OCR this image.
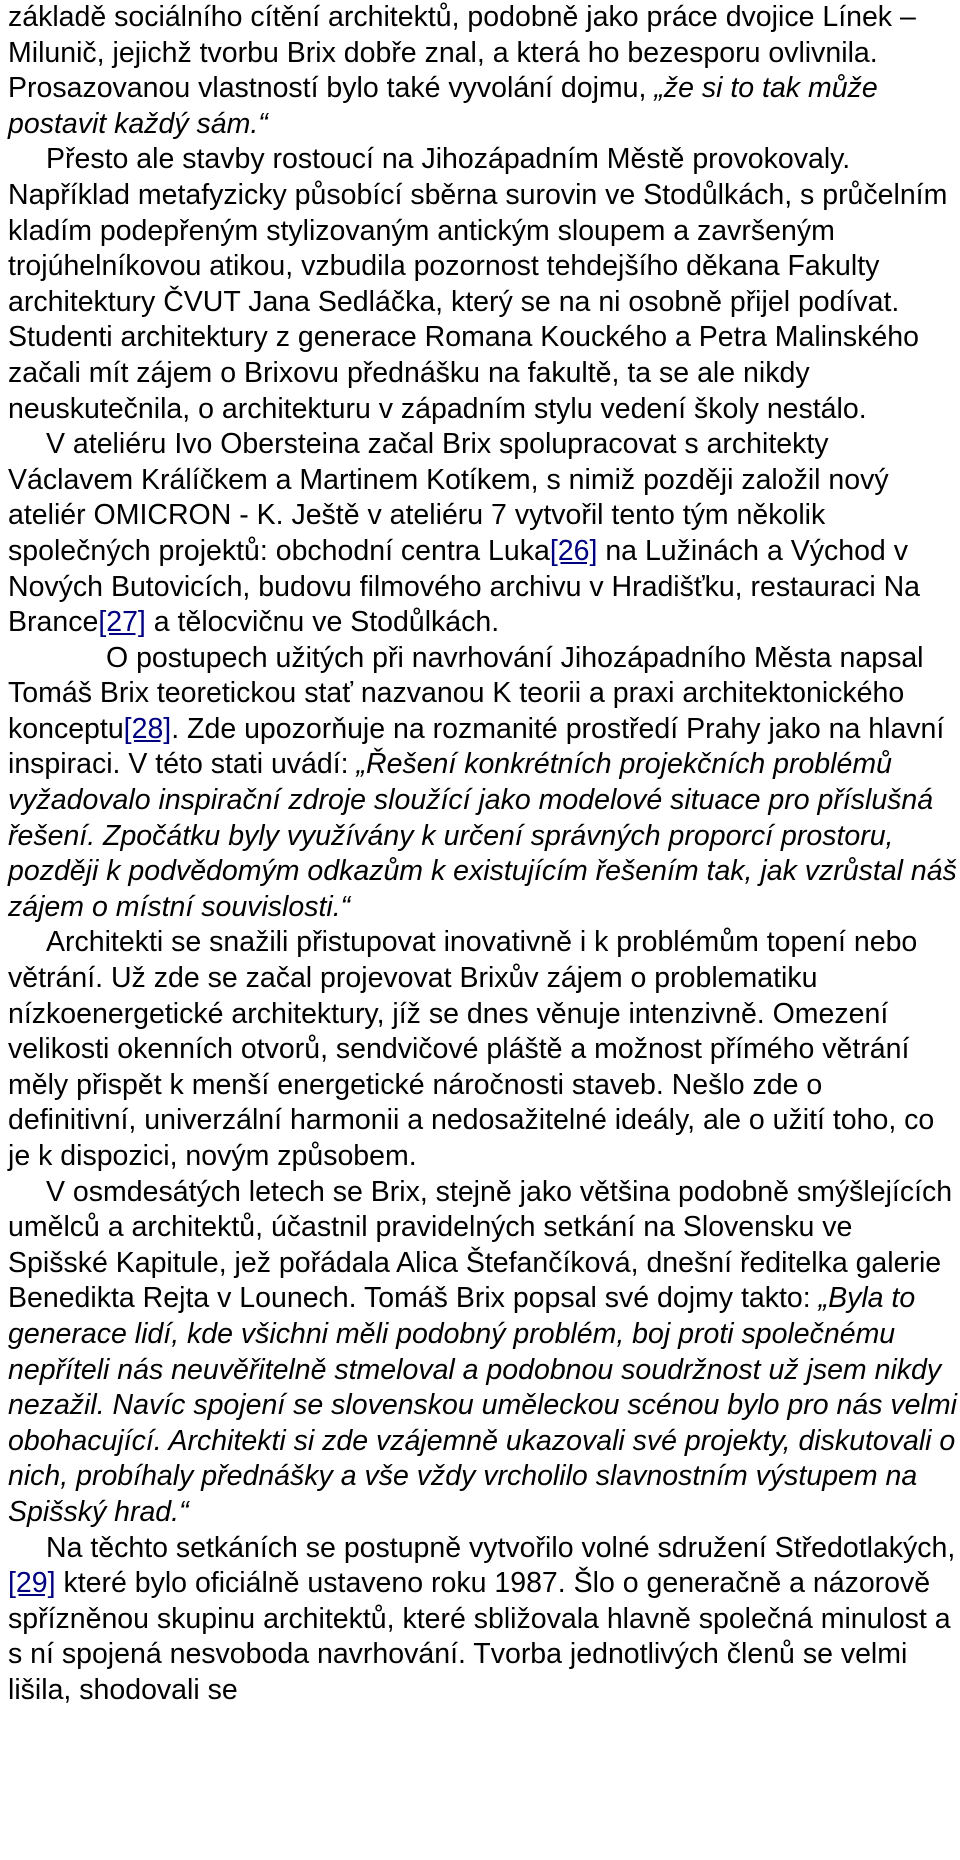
základě sociálního cítění architektů, podobně jako práce dvojice Línek – Milunič, jejichž tvorbu Brix dobře znal, a která ho bezesporu ovlivnila. Prosazovanou vlastností bylo také vyvolání dojmu, „že si to tak může postavit každý sám.“

Přesto ale stavby rostoucí na Jihozápadním Městě provokovaly. Například metafyzicky působící sběrna surovin ve Stodůlkách, s průčelním kladím podepřeným stylizovaným antickým sloupem a završeným trojúhelníkovou atikou, vzbudila pozornost tehdejšího děkana Fakulty architektury ČVUT Jana Sedláčka, který se na ni osobně přijel podívat. Studenti architektury z generace Romana Kouckého a Petra Malinského začali mít zájem o Brixovu přednášku na fakultě, ta se ale nikdy neuskutečnila, o architekturu v západním stylu vedení školy nestálo.

V ateliéru Ivo Obersteina začal Brix spolupracovat s architekty Václavem Králíčkem a Martinem Kotíkem, s nimiž později založil nový ateliér OMICRON - K. Ještě v ateliéru 7 vytvořil tento tým několik společných projektů: obchodní centra Luka[26] na Lužinách a Východ v Nových Butovicích, budovu filmového archivu v Hradišťku, restauraci Na Brance[27] a tělocvičnu ve Stodůlkách.

O postupech užitých při navrhování Jihozápadního Města napsal Tomáš Brix teoretickou stať nazvanou K teorii a praxi architektonického konceptu[28]. Zde upozorňuje na rozmanité prostředí Prahy jako na hlavní inspiraci. V této stati uvádí: „Řešení konkrétních projekčních problémů vyžadovalo inspirační zdroje sloužící jako modelové situace pro příslušná řešení. Zpočátku byly využívány k určení správných proporcí prostoru, později k podvědomým odkazům k existujícím řešením tak, jak vzrůstal náš zájem o místní souvislosti.“

Architekti se snažili přistupovat inovativně i k problémům topení nebo větrání. Už zde se začal projevovat Brixův zájem o problematiku nízkoenergetické architektury, jíž se dnes věnuje intenzivně. Omezení velikosti okenních otvorů, sendvičové pláště a možnost přímého větrání měly přispět k menší energetické náročnosti staveb. Nešlo zde o definitivní, univerzální harmonii a nedosažitelné ideály, ale o užití toho, co je k dispozici, novým způsobem.

V osmdesátých letech se Brix, stejně jako většina podobně smýšlejících umělců a architektů, účastnil pravidelných setkání na Slovensku ve Spišské Kapitule, jež pořádala Alica Štefančíková, dnešní ředitelka galerie Benedikta Rejta v Lounech. Tomáš Brix popsal své dojmy takto: „Byla to generace lidí, kde všichni měli podobný problém, boj proti společnému nepříteli nás neuvěřitelně stmeloval a podobnou soudržnost už jsem nikdy nezažil. Navíc spojení se slovenskou uměleckou scénou bylo pro nás velmi obohacující. Architekti si zde vzájemně ukazovali své projekty, diskutovali o nich, probíhaly přednášky a vše vždy vrcholilo slavnostním výstupem na Spišský hrad.“

Na těchto setkáních se postupně vytvořilo volné sdružení Středotlakých,[29] které bylo oficiálně ustaveno roku 1987. Šlo o generačně a názorově spřízněnou skupinu architektů, které sbližovala hlavně společná minulost a s ní spojená nesvoboda navrhování. Tvorba jednotlivých členů se velmi lišila, shodovali se
